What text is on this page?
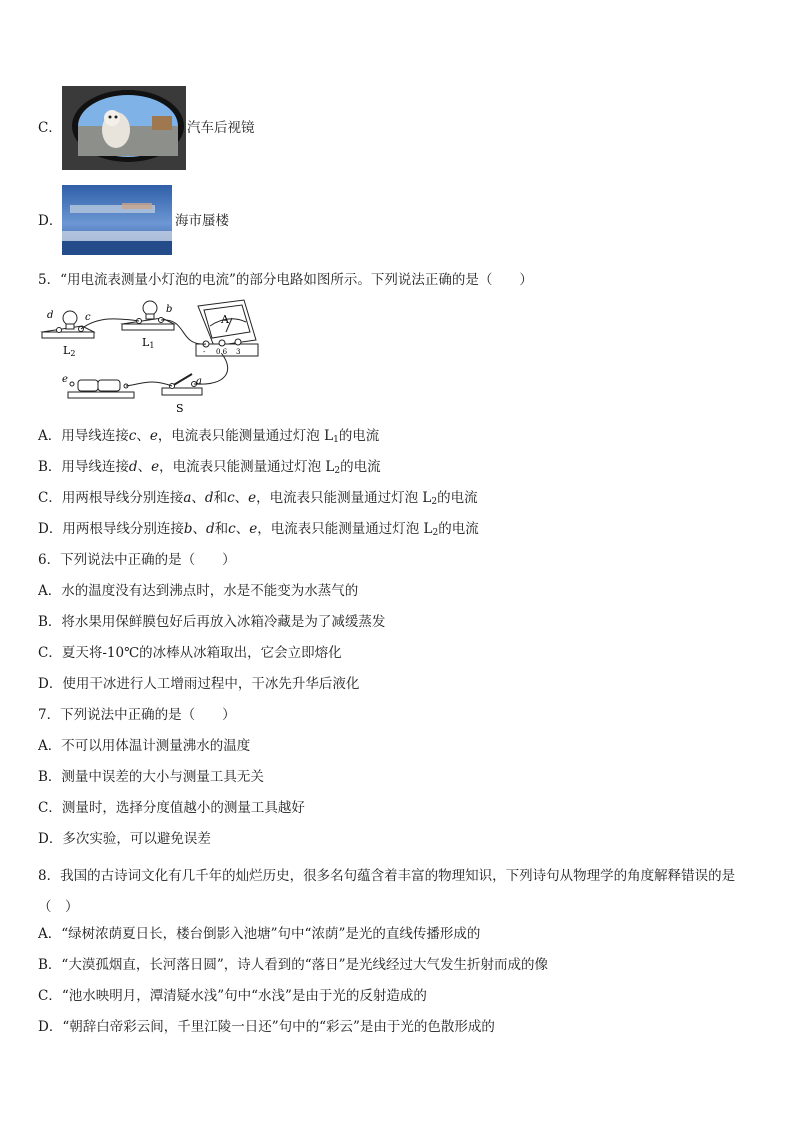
C．	汽车后视镜
D．	海市蜃楼
5．“用电流表测量小灯泡的电流”的部分电路如图所示。下列说法正确的是（　　）
d	c
b
e	a
L2
L1
A
- 0.6 3
S
A．用导线连接c、e，电流表只能测量通过灯泡 $L_1$的电流
B．用导线连接d、e，电流表只能测量通过灯泡 $L_2$的电流
C．用两根导线分别连接a、d和c、e，电流表只能测量通过灯泡 $L_2$的电流
D．用两根导线分别连接b、d和c、e，电流表只能测量通过灯泡 $L_2$的电流
6．下列说法中正确的是（　　）
A．水的温度没有达到沸点时，水是不能变为水蒸气的
B．将水果用保鲜膜包好后再放入冰箱冷藏是为了减缓蒸发
C．夏天将-10℃的冰棒从冰箱取出，它会立即熔化
D．使用干冰进行人工增雨过程中，干冰先升华后液化
7．下列说法中正确的是（　　）
A．不可以用体温计测量沸水的温度
B．测量中误差的大小与测量工具无关
C．测量时，选择分度值越小的测量工具越好
D．多次实验，可以避免误差
8．我国的古诗词文化有几千年的灿烂历史，很多名句蕴含着丰富的物理知识，下列诗句从物理学的角度解释错误的是（　）
A．“绿树浓荫夏日长，楼台倒影入池塘”句中“浓荫”是光的直线传播形成的
B．“大漠孤烟直，长河落日圆”，诗人看到的“落日”是光线经过大气发生折射而成的像
C．“池水映明月，潭清疑水浅”句中“水浅”是由于光的反射造成的
D．“朝辞白帝彩云间，千里江陵一日还”句中的“彩云”是由于光的色散形成的
